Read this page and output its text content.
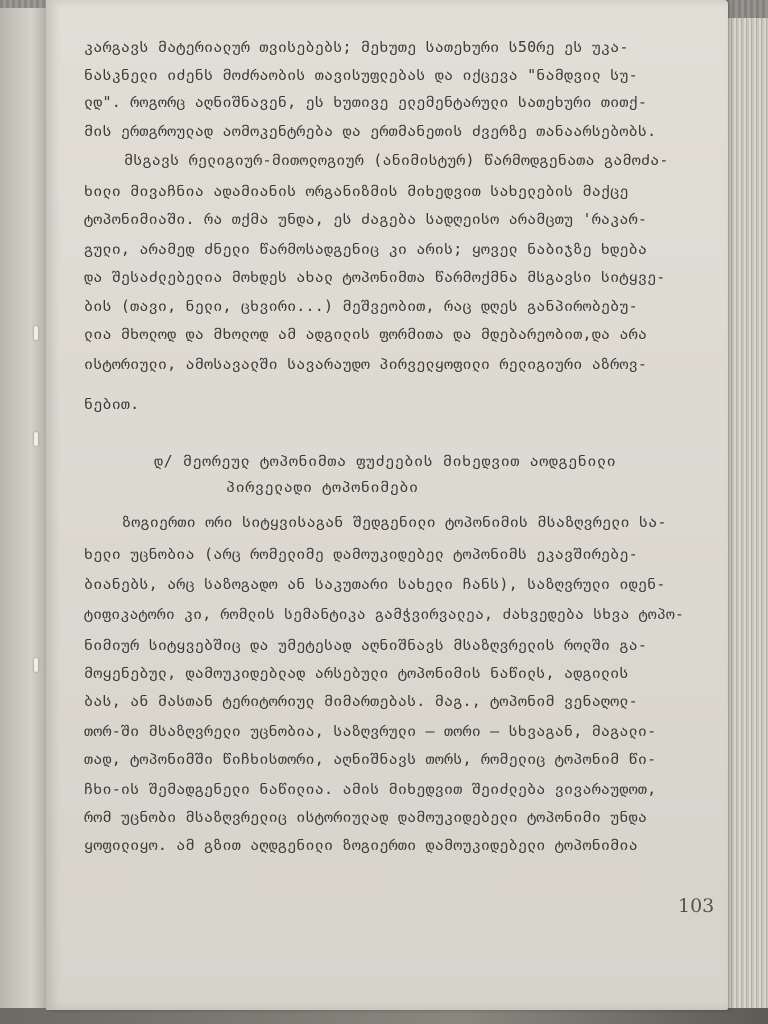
კარგავს მატერიალურ თვისებებს; მეხუთე სათეხური ს50რე ეს უკა-
ნასკნელი იძენს მოძრაობის თავისუფლებას და იქცევა "ნამდვილ სუ-
ლდ". როგორც აღნიშნავენ, ეს ხუთივე ელემენტარული სათეხური თითქ-
მის ერთგროულად აომოკენტრება და ერთმანეთის ძვერზე თანაარსებობს.
მსგავს რელიგიურ-მითოლოგიურ (ანიმისტურ) წარმოდგენათა გამოძა-
ხილი მივაჩნია ადამიანის ორგანიზმის მიხედვით სახელების მაქცე
ტოპონიმიაში. რა თქმა უნდა, ეს ძაგება სადღეისო არამცთუ 'რაკარ-
გული, არამედ ძნელი წარმოსადგენიც კი არის; ყოველ ნაბიჯზე ხდება
და შესაძლებელია მოხდეს ახალ ტოპონიმთა წარმოქმნა მსგავსი სიტყვე-
ბის (თავი, ნელი, ცხვირი...) მეშვეობით, რაც დღეს განპირობებუ-
ლია მხოლოდ და მხოლოდ ამ ადგილის ფორმითა და მდებარეობით,და არა
ისტორიული, ამოსავალში სავარაუდო პირველყოფილი რელიგიური აზროვ-
ნებით.
დ/ მეორეულ ტოპონიმთა ფუძეების მიხედვით აოდგენილი
პირველადი ტოპონიმები
ზოგიერთი ორი სიტყვისაგან შედგენილი ტოპონიმის მსაზღვრელი სა-
ხელი უცნობია (არც რომელიმე დამოუკიდებელ ტოპონიმს ეკავშირებე-
ბიანებს, არც საზოგადო ან საკუთარი სახელი ჩანს), საზღვრული იდენ-
ტიფიკატორი კი, რომლის სემანტიკა გამჭვირვალეა, ძახვედება სხვა ტოპო-
ნიმიურ სიტყვებშიც და უმეტესად აღნიშნავს მსაზღვრელის როლში გა-
მოყენებულ, დამოუკიდებლად არსებული ტოპონიმის ნაწილს, ადგილის
ბას, ან მასთან ტერიტორიულ მიმართებას. მაგ., ტოპონიმ ვენაღოლ-
თორ-ში მსაზღვრელი უცნობია, საზღვრული — თორი — სხვაგან, მაგალი-
თად, ტოპონიმში წიჩხისთორი, აღნიშნავს თორს, რომელიც ტოპონიმ წი-
ჩხი-ის შემადგენელი ნაწილია. ამის მიხედვით შეიძლება ვივარაუდოთ,
რომ უცნობი მსაზღვრელიც ისტორიულად დამოუკიდებელი ტოპონიმი უნდა
ყოფილიყო. ამ გზით აღდგენილი ზოგიერთი დამოუკიდებელი ტოპონიმია
103
